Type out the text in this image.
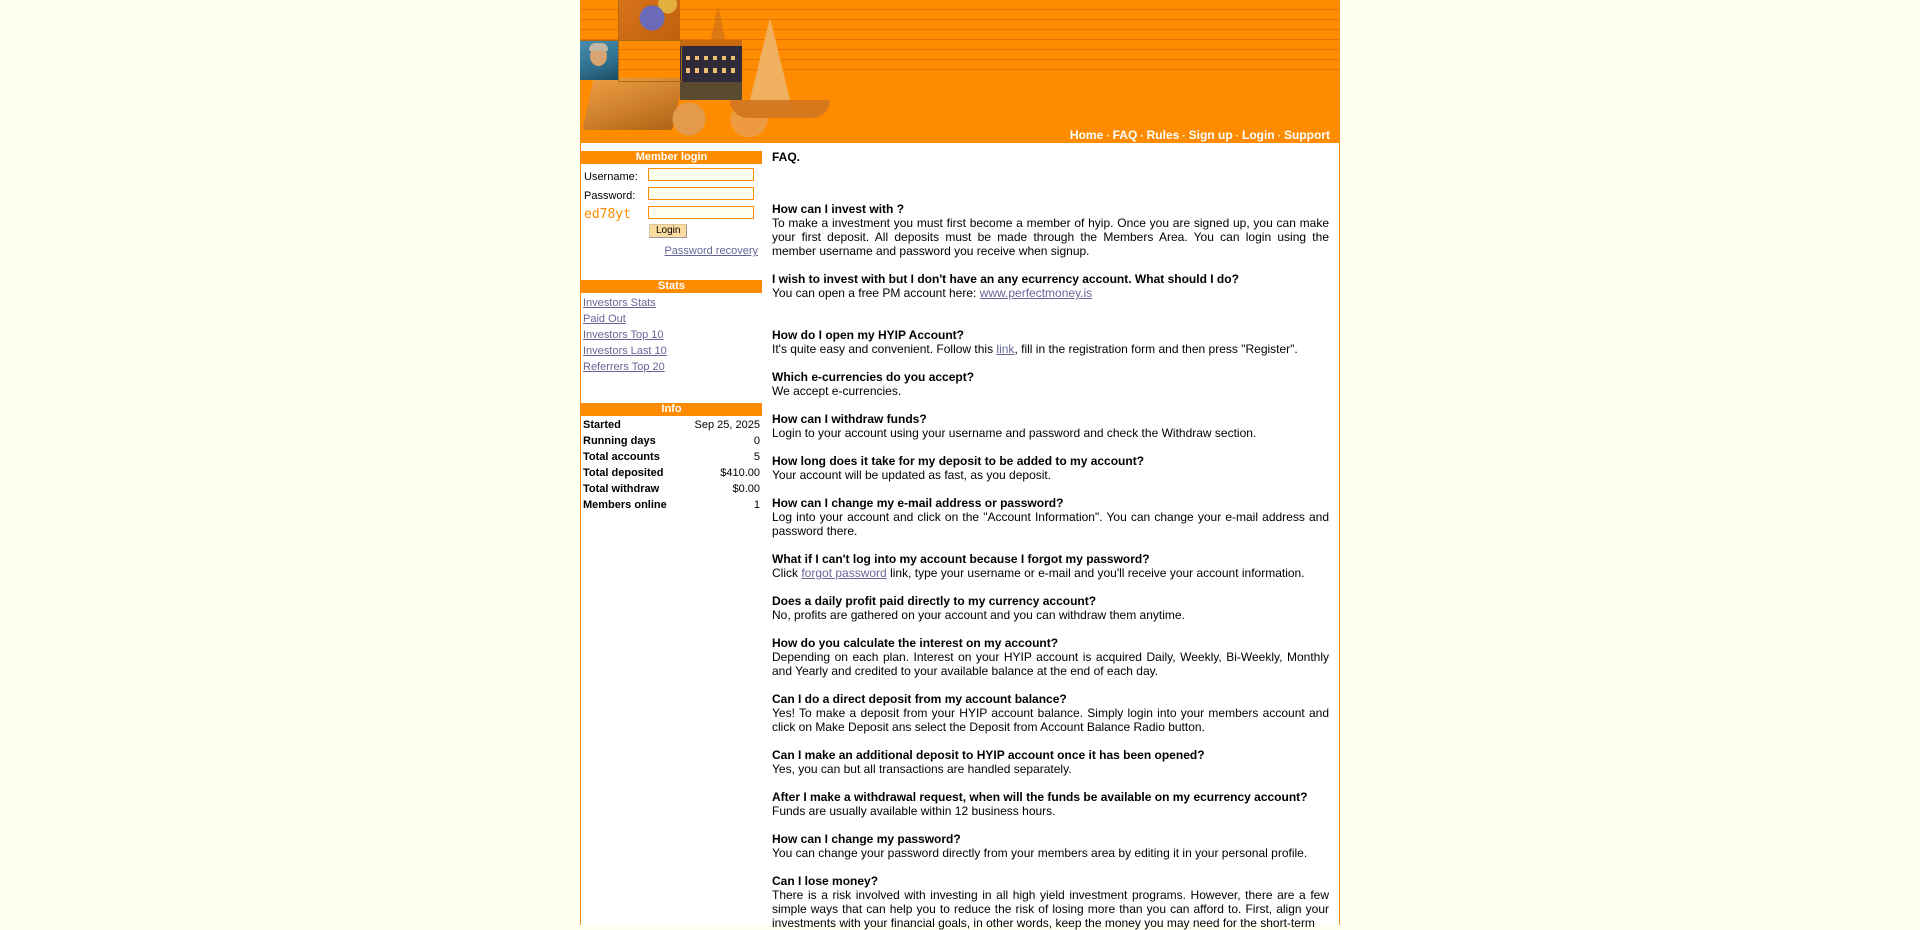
Home · FAQ · Rules · Sign up · Login · Support
Member login
Username:
Password:
ed78yt
Login
Password recovery
Stats
Investors Stats
Paid Out
Investors Top 10
Investors Last 10
Referrers Top 20
Info
Started	Sep 25, 2025
Running days	0
Total accounts	5
Total deposited	$410.00
Total withdraw	$0.00
Members online	1
FAQ.
How can I invest with ?
To make a investment you must first become a member of hyip. Once you are signed up, you can make your first deposit. All deposits must be made through the Members Area. You can login using the member username and password you receive when signup.
I wish to invest with but I don't have an any ecurrency account. What should I do?
You can open a free PM account here: www.perfectmoney.is
How do I open my HYIP Account?
It's quite easy and convenient. Follow this link, fill in the registration form and then press "Register".
Which e-currencies do you accept?
We accept e-currencies.
How can I withdraw funds?
Login to your account using your username and password and check the Withdraw section.
How long does it take for my deposit to be added to my account?
Your account will be updated as fast, as you deposit.
How can I change my e-mail address or password?
Log into your account and click on the "Account Information". You can change your e-mail address and password there.
What if I can't log into my account because I forgot my password?
Click forgot password link, type your username or e-mail and you'll receive your account information.
Does a daily profit paid directly to my currency account?
No, profits are gathered on your account and you can withdraw them anytime.
How do you calculate the interest on my account?
Depending on each plan. Interest on your HYIP account is acquired Daily, Weekly, Bi-Weekly, Monthly and Yearly and credited to your available balance at the end of each day.
Can I do a direct deposit from my account balance?
Yes! To make a deposit from your HYIP account balance. Simply login into your members account and click on Make Deposit ans select the Deposit from Account Balance Radio button.
Can I make an additional deposit to HYIP account once it has been opened?
Yes, you can but all transactions are handled separately.
After I make a withdrawal request, when will the funds be available on my ecurrency account?
Funds are usually available within 12 business hours.
How can I change my password?
You can change your password directly from your members area by editing it in your personal profile.
Can I lose money?
There is a risk involved with investing in all high yield investment programs. However, there are a few simple ways that can help you to reduce the risk of losing more than you can afford to. First, align your investments with your financial goals, in other words, keep the money you may need for the short-term
